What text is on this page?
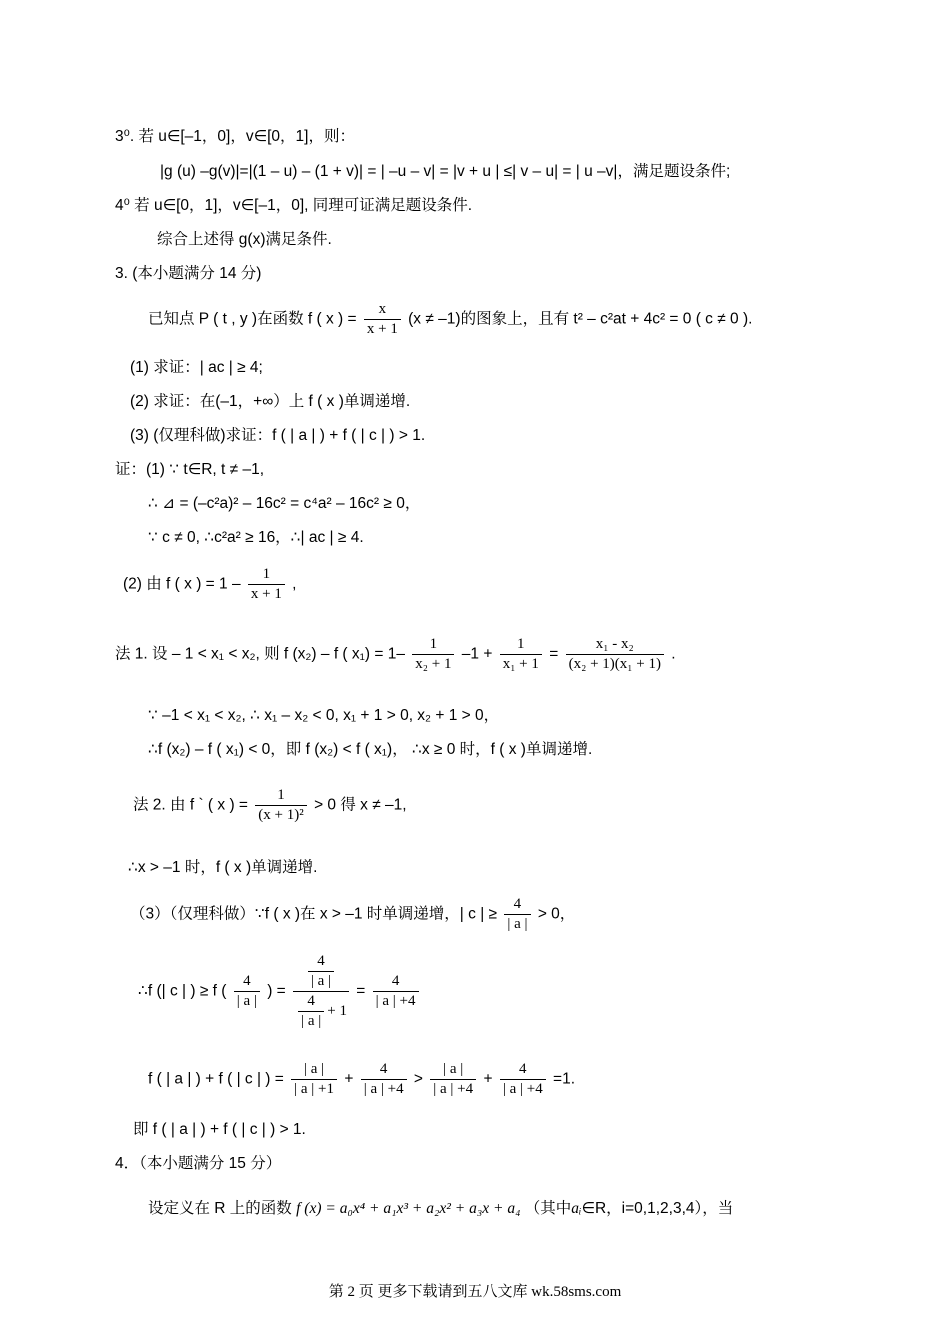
3⁰. 若 u∈[–1，0]，v∈[0，1]，则：
|g (u) –g(v)|=|(1 – u) – (1 + v)| = | –u – v| = |v + u | ≤| v – u| = | u –v|，满足题设条件;
4⁰ 若 u∈[0，1]，v∈[–1，0], 同理可证满足题设条件.
综合上述得 g(x)满足条件.
3. (本小题满分 14 分)
已知点 P ( t , y )在函数 f ( x ) = $\frac{x}{x + 1} (x \ne -1)$的图象上，且有 t² – c²at + 4c² = 0 ( c ≠ 0 ).
(1) 求证：| ac | ≥ 4;
(2) 求证：在(–1，+∞）上 f ( x )单调递增.
(3) (仅理科做)求证：f ( | a | ) + f ( | c | ) > 1.
证：(1) ∵ t∈R, t ≠ –1,
∴ ⊿ = (–c²a)² – 16c² = c⁴a² – 16c² ≥ 0，
∵ c ≠ 0, ∴c²a² ≥ 16，∴| ac | ≥ 4.
(2) 由 f ( x ) = $1 - \frac{1}{x + 1}$ ,
法 1. 设 – 1 < x₁ < x₂, 则 f (x₂) – f ( $x_1) = 1- \frac{1}{\text{x₂ + 1}} -1 + \frac{1}{\text{x₁ + 1}} = \frac{\text{x₁ - x₂}}{\text{(x₂ + 1)(x₁ + 1)}}$ .
∵ –1 < x₁ < x₂, ∴ x₁ – x₂ < 0, x₁ + 1 > 0, x₂ + 1 > 0，
∴f (x₂) – f ( x₁) < 0，即 f (x₂) < f ( x₁)， ∴x ≥ 0 时，f ( x )单调递增.
法 2. 由 f ` ( x ) = $\frac{1}{\text{(x + 1)²}} > 0$ 得 x ≠ –1,
∴x > –1 时，f ( x )单调递增.
（3）（仅理科做）∵f ( x )在 x > –1 时单调递增，| c | ≥ $\frac{4}{| a |} > 0$，
∴f (| c | ) ≥ f ( $\frac{4}{| a |}$ ) = $\frac{\frac{4}{| a |}}{\frac{4}{| a |} + 1} = \frac{4}{| a | +4}$
f ( | a | ) + f ( | c | ) = $\frac{| a |}{| a | +1} + \frac{4}{| a | +4} > \frac{| a |}{| a | +4} + \frac{4}{| a | +4} =1$.
即 f ( | a | ) + f ( | c | ) > 1.
4．（本小题满分 15 分）
设定义在 R 上的函数 f (x) = a₀x⁴ + a₁x³ + a₂x² + a₃x + a₄ （其中aᵢ∈R，i=0,1,2,3,4），当
第 2 页 更多下载请到五八文库 wk.58sms.com
